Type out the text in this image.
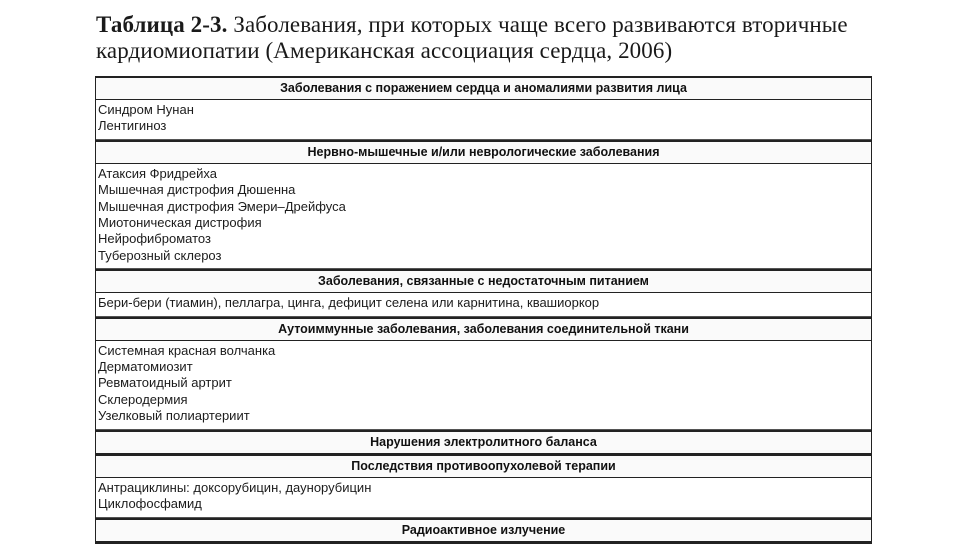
Таблица 2-3. Заболевания, при которых чаще всего развиваются вторичные кардиомиопатии (Американская ассоциация сердца, 2006)

Заболевания с поражением сердца и аномалиями развития лица
Синдром Нунан
Лентигиноз
Нервно-мышечные и/или неврологические заболевания
Атаксия Фридрейха
Мышечная дистрофия Дюшенна
Мышечная дистрофия Эмери–Дрейфуса
Миотоническая дистрофия
Нейрофиброматоз
Туберозный склероз
Заболевания, связанные с недостаточным питанием
Бери-бери (тиамин), пеллагра, цинга, дефицит селена или карнитина, квашиоркор
Аутоиммунные заболевания, заболевания соединительной ткани
Системная красная волчанка
Дерматомиозит
Ревматоидный артрит
Склеродермия
Узелковый полиартериит
Нарушения электролитного баланса
Последствия противоопухолевой терапии
Антрациклины: доксорубицин, даунорубицин
Циклофосфамид
Радиоактивное излучение
